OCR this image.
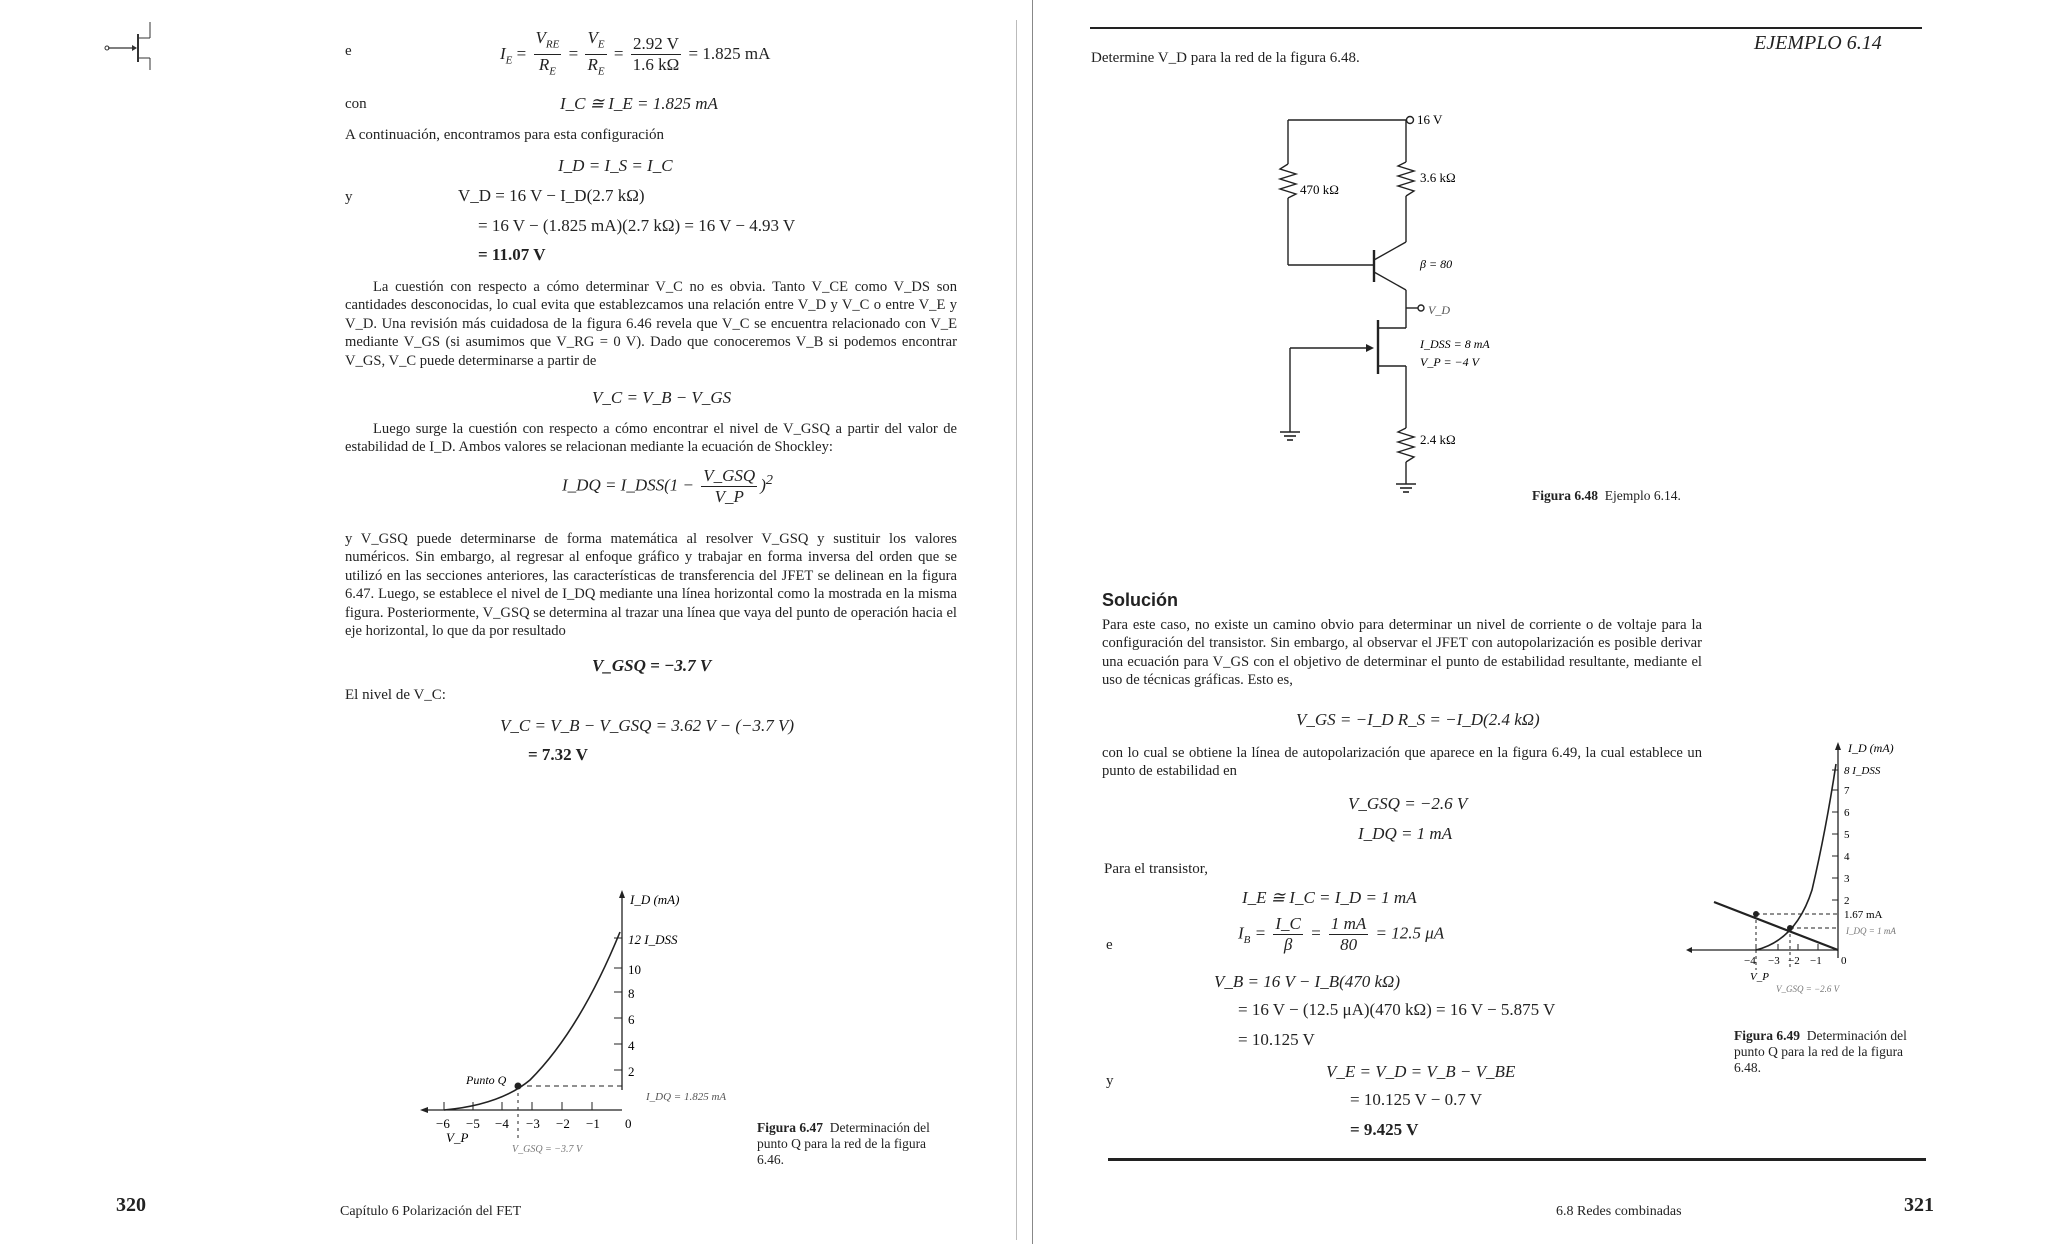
e	$I_E = \frac{V_{RE}}{R_E} = \frac{V_E}{R_E} = \frac{2.92 V}{1.6 k\Omega} = 1.825$ mA
con	I_C ≅ I_E = 1.825 mA
A continuación, encontramos para esta configuración
I_D = I_S = I_C
y	V_D = 16 V − I_D(2.7 kΩ)
= 16 V − (1.825 mA)(2.7 kΩ) = 16 V − 4.93 V
= 11.07 V
La cuestión con respecto a cómo determinar V_C no es obvia. Tanto V_CE como V_DS son cantidades desconocidas, lo cual evita que establezcamos una relación entre V_D y V_C o entre V_E y V_D. Una revisión más cuidadosa de la figura 6.46 revela que V_C se encuentra relacionado con V_E mediante V_GS (si asumimos que V_RG = 0 V). Dado que conoceremos V_B si podemos encontrar V_GS, V_C puede determinarse a partir de
V_C = V_B − V_GS
Luego surge la cuestión con respecto a cómo encontrar el nivel de V_GSQ a partir del valor de estabilidad de I_D. Ambos valores se relacionan mediante la ecuación de Shockley:
I_DQ = I_DSS(1 − $\frac{\text{V\_GSQ}}{V\_P} )^2$
y V_GSQ puede determinarse de forma matemática al resolver V_GSQ y sustituir los valores numéricos. Sin embargo, al regresar al enfoque gráfico y trabajar en forma inversa del orden que se utilizó en las secciones anteriores, las características de transferencia del JFET se delinean en la figura 6.47. Luego, se establece el nivel de I_DQ mediante una línea horizontal como la mostrada en la misma figura. Posteriormente, V_GSQ se determina al trazar una línea que vaya del punto de operación hacia el eje horizontal, lo que da por resultado
V_GSQ = −3.7 V
El nivel de V_C:
V_C = V_B − V_GSQ = 3.62 V − (−3.7 V)
= 7.32 V
I_D (mA)
12 I_DSS
10
8
6
4
2
−6 −5 −4 −3 −2 −1 0
V_P
Punto Q
I_DQ = 1.825 mA
V_GSQ = −3.7 V
Figura 6.47 Determinación del punto Q para la red de la figura 6.46.
320	Capítulo 6 Polarización del FET
EJEMPLO 6.14
Determine V_D para la red de la figura 6.48.
16 V
470 kΩ
3.6 kΩ
β = 80
V_D
I_DSS = 8 mA
V_P = −4 V
2.4 kΩ
Figura 6.48 Ejemplo 6.14.
Solución
Para este caso, no existe un camino obvio para determinar un nivel de corriente o de voltaje para la configuración del transistor. Sin embargo, al observar el JFET con autopolarización es posible derivar una ecuación para V_GS con el objetivo de determinar el punto de estabilidad resultante, mediante el uso de técnicas gráficas. Esto es,
V_GS = −I_D R_S = −I_D(2.4 kΩ)
con lo cual se obtiene la línea de autopolarización que aparece en la figura 6.49, la cual establece un punto de estabilidad en
V_GSQ = −2.6 V
I_DQ = 1 mA
Para el transistor,
I_E ≅ I_C = I_D = 1 mA
e
$I_B = \frac{I\_C}{\beta} = \frac{1 mA}{80} = 12.5$ μA
V_B = 16 V − I_B(470 kΩ)
= 16 V − (12.5 μA)(470 kΩ) = 16 V − 5.875 V
= 10.125 V
y	V_E = V_D = V_B − V_BE
= 10.125 V − 0.7 V
= 9.425 V
I_D (mA)
8 I_DSS
7
6
5
4
3
2
−4 −3 −2 −1 0
V_P
1.67 mA
I_DQ = 1 mA
V_GSQ = −2.6 V
Figura 6.49 Determinación del punto Q para la red de la figura 6.48.
6.8 Redes combinadas	321
